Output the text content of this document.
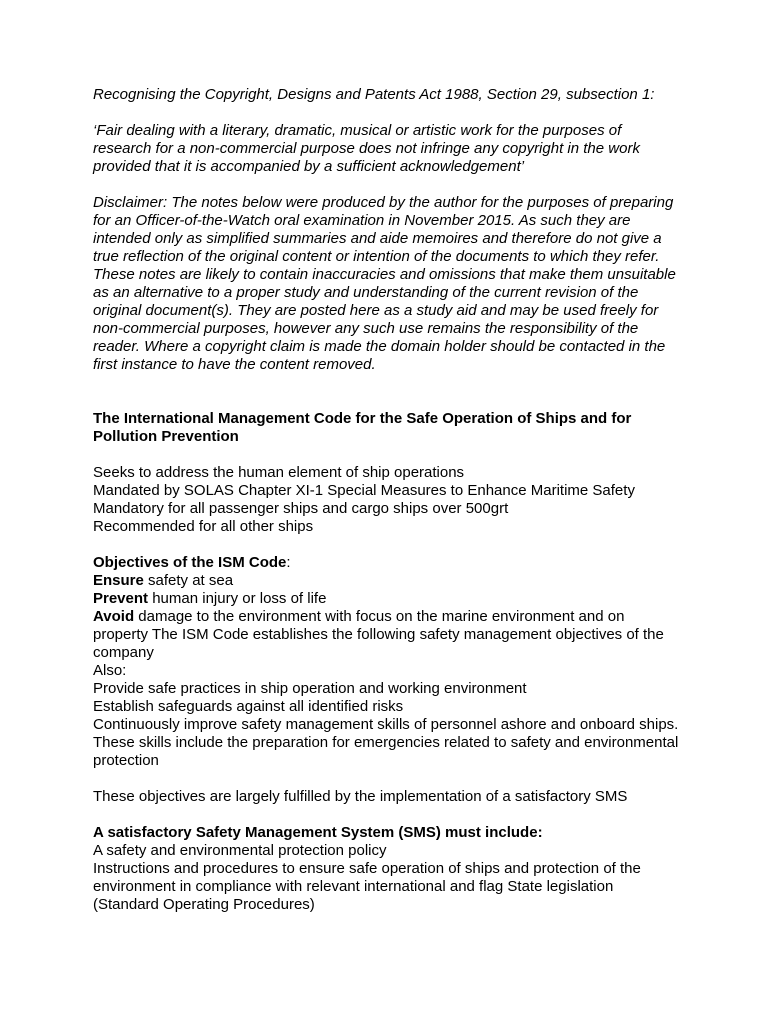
Recognising the Copyright, Designs and Patents Act 1988, Section 29, subsection 1:

‘Fair dealing with a literary, dramatic, musical or artistic work for the purposes of research for a non-commercial purpose does not infringe any copyright in the work provided that it is accompanied by a sufficient acknowledgement’

Disclaimer: The notes below were produced by the author for the purposes of preparing for an Officer-of-the-Watch oral examination in November 2015. As such they are intended only as simplified summaries and aide memoires and therefore do not give a true reflection of the original content or intention of the documents to which they refer. These notes are likely to contain inaccuracies and omissions that make them unsuitable as an alternative to a proper study and understanding of the current revision of the original document(s). They are posted here as a study aid and may be used freely for non-commercial purposes, however any such use remains the responsibility of the reader. Where a copyright claim is made the domain holder should be contacted in the first instance to have the content removed.

The International Management Code for the Safe Operation of Ships and for Pollution Prevention

Seeks to address the human element of ship operations

Mandated by SOLAS Chapter XI-1 Special Measures to Enhance Maritime Safety

Mandatory for all passenger ships and cargo ships over 500grt

Recommended for all other ships

Objectives of the ISM Code:

Ensure safety at sea

Prevent human injury or loss of life

Avoid damage to the environment with focus on the marine environment and on property The ISM Code establishes the following safety management objectives of the company

Also:

Provide safe practices in ship operation and working environment

Establish safeguards against all identified risks

Continuously improve safety management skills of personnel ashore and onboard ships. These skills include the preparation for emergencies related to safety and environmental protection

These objectives are largely fulfilled by the implementation of a satisfactory SMS

A satisfactory Safety Management System (SMS) must include:

A safety and environmental protection policy

Instructions and procedures to ensure safe operation of ships and protection of the environment in compliance with relevant international and flag State legislation (Standard Operating Procedures)
